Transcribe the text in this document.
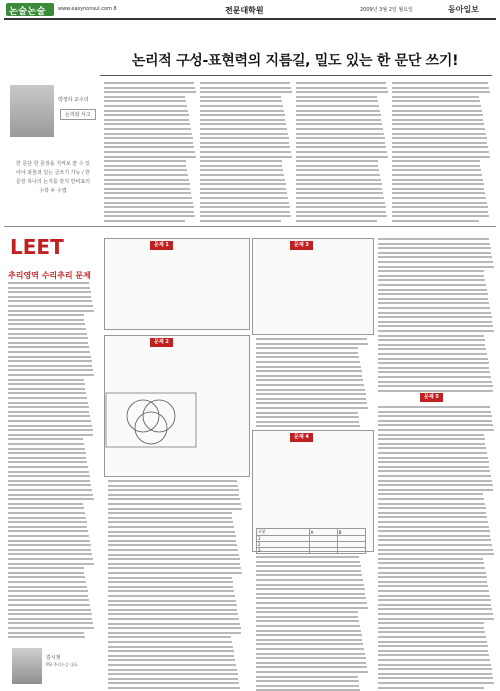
논술논술 www.easynonsul.com 8	전문대학원	2009년 3월 2일 월요일	동아일보
논리적 구성-표현력의 지름길, 밀도 있는 한 문단 쓰기!
박정하 교수의
논리와 사고
한 문단 한 문장을 지켜보 쓸 수 있어야 좌뜰과 있는 글쓰기 가능 / 한 문장 하나의 논지를 갖지 반비표의 수학 두 수법
LEET
추리영역 수리추리 문제
문제 1
문제 2
문제 3
문제 4
문제 5
구분	A	B
1		
2		
3		
김시정
PSI 추리논증 대표
